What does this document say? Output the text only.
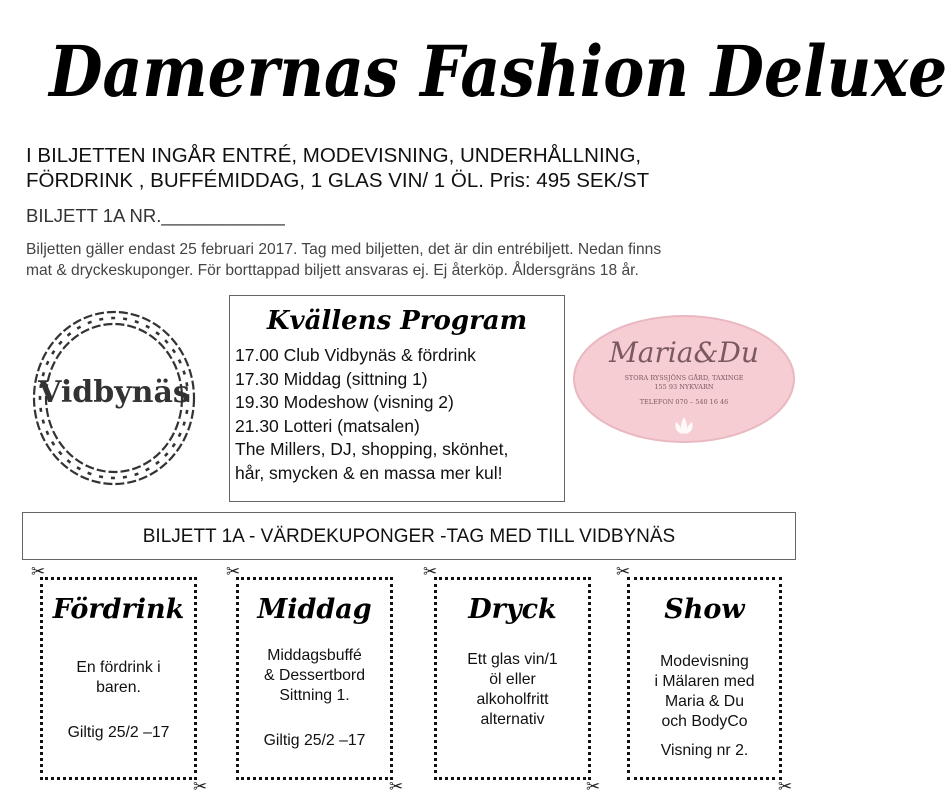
Damernas Fashion Deluxe
I BILJETTEN INGÅR ENTRÉ, MODEVISNING, UNDERHÅLLNING,
FÖRDRINK , BUFFÉMIDDAG, 1 GLAS VIN/ 1 ÖL. Pris: 495 SEK/ST
BILJETT 1A NR.____________
Biljetten gäller endast 25 februari 2017. Tag med biljetten, det är din entrébiljett. Nedan finns
mat & dryckeskuponger. För borttappad biljett ansvaras ej. Ej återköp. Åldersgräns 18 år.
Vidbynäs
Kvällens Program
17.00 Club Vidbynäs & fördrink
17.30 Middag (sittning 1)
19.30 Modeshow (visning 2)
21.30 Lotteri (matsalen)
The Millers, DJ, shopping, skönhet,
hår, smycken & en massa mer kul!
Maria&Du
STORA RYSSJÖNS GÅRD, TAXINGE
155 93 NYKVARN
TELEFON 070 – 540 16 46
BILJETT 1A - VÄRDEKUPONGER -TAG MED TILL VIDBYNÄS
Fördrink
En fördrink i
baren.
Giltig 25/2 –17
Middag
Middagsbuffé
& Dessertbord
Sittning 1.
Giltig 25/2 –17
Dryck
Ett glas vin/1
öl eller
alkoholfritt
alternativ
Show
Modevisning
i Mälaren med
Maria & Du
och BodyCo
Visning nr 2.
✂
✂
✂
✂
✂
✂
✂
✂
